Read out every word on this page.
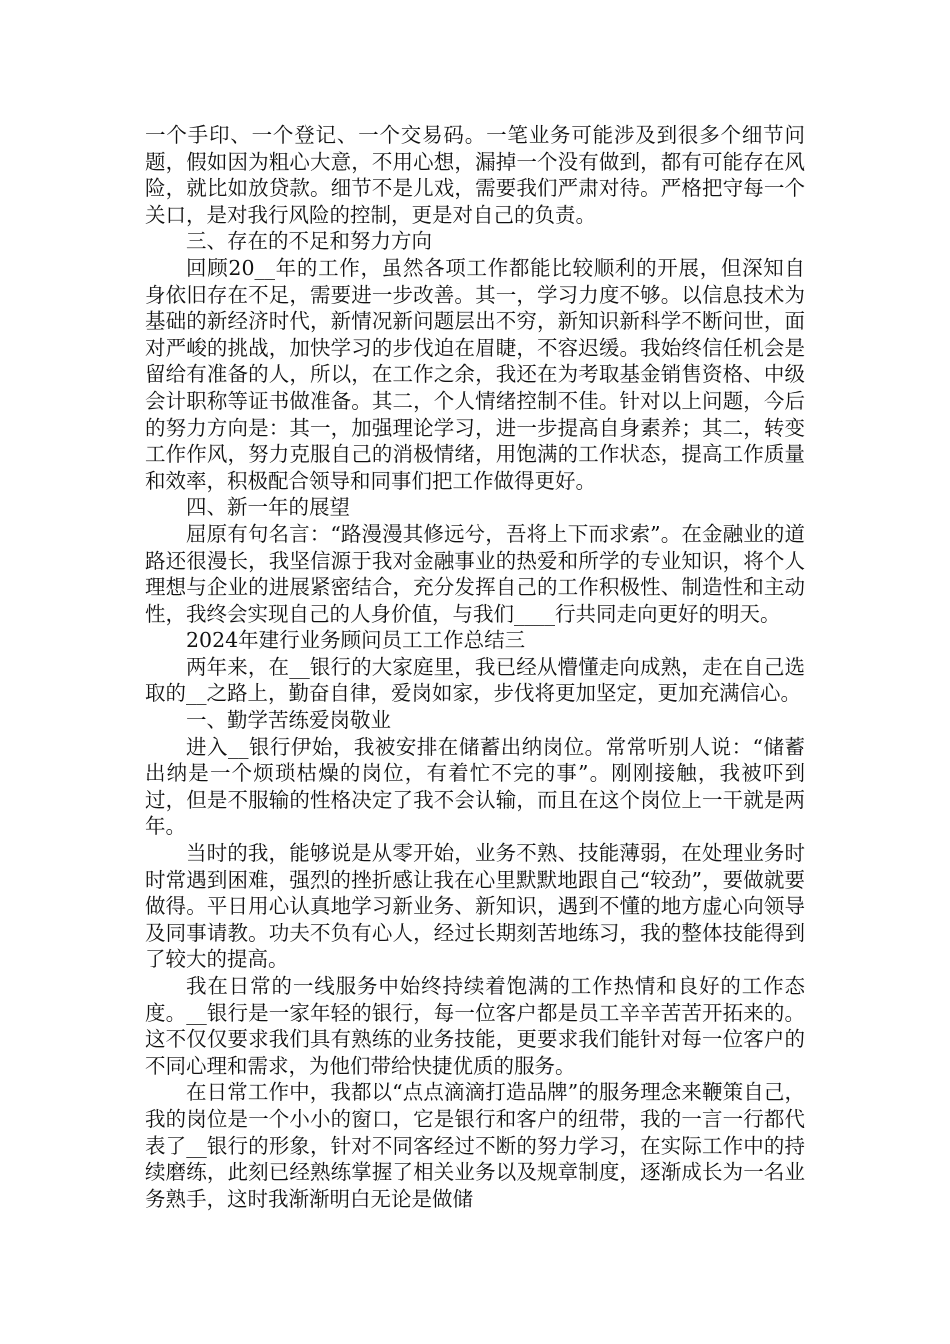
一个手印、一个登记、一个交易码。一笔业务可能涉及到很多个细节问题，假如因为粗心大意，不用心想，漏掉一个没有做到，都有可能存在风险，就比如放贷款。细节不是儿戏，需要我们严肃对待。严格把守每一个关口，是对我行风险的控制，更是对自己的负责。

三、存在的不足和努力方向

回顾20__年的工作，虽然各项工作都能比较顺利的开展，但深知自身依旧存在不足，需要进一步改善。其一，学习力度不够。以信息技术为基础的新经济时代，新情况新问题层出不穷，新知识新科学不断问世，面对严峻的挑战，加快学习的步伐迫在眉睫，不容迟缓。我始终信任机会是留给有准备的人，所以，在工作之余，我还在为考取基金销售资格、中级会计职称等证书做准备。其二，个人情绪控制不佳。针对以上问题，今后的努力方向是：其一，加强理论学习，进一步提高自身素养；其二，转变工作作风，努力克服自己的消极情绪，用饱满的工作状态，提高工作质量和效率，积极配合领导和同事们把工作做得更好。

四、新一年的展望

屈原有句名言：“路漫漫其修远兮，吾将上下而求索”。在金融业的道路还很漫长，我坚信源于我对金融事业的热爱和所学的专业知识，将个人理想与企业的进展紧密结合，充分发挥自己的工作积极性、制造性和主动性，我终会实现自己的人身价值，与我们____行共同走向更好的明天。

2024年建行业务顾问员工工作总结三

两年来，在__银行的大家庭里，我已经从懵懂走向成熟，走在自己选取的__之路上，勤奋自律，爱岗如家，步伐将更加坚定，更加充满信心。

一、勤学苦练爱岗敬业

进入__银行伊始，我被安排在储蓄出纳岗位。常常听别人说：“储蓄出纳是一个烦琐枯燥的岗位，有着忙不完的事”。刚刚接触，我被吓到过，但是不服输的性格决定了我不会认输，而且在这个岗位上一干就是两年。

当时的我，能够说是从零开始，业务不熟、技能薄弱，在处理业务时时常遇到困难，强烈的挫折感让我在心里默默地跟自己“较劲”，要做就要做得。平日用心认真地学习新业务、新知识，遇到不懂的地方虚心向领导及同事请教。功夫不负有心人，经过长期刻苦地练习，我的整体技能得到了较大的提高。

我在日常的一线服务中始终持续着饱满的工作热情和良好的工作态度。__银行是一家年轻的银行，每一位客户都是员工辛辛苦苦开拓来的。这不仅仅要求我们具有熟练的业务技能，更要求我们能针对每一位客户的不同心理和需求，为他们带给快捷优质的服务。

在日常工作中，我都以“点点滴滴打造品牌”的服务理念来鞭策自己，我的岗位是一个小小的窗口，它是银行和客户的纽带，我的一言一行都代表了__银行的形象，针对不同客经过不断的努力学习，在实际工作中的持续磨练，此刻已经熟练掌握了相关业务以及规章制度，逐渐成长为一名业务熟手，这时我渐渐明白无论是做储
